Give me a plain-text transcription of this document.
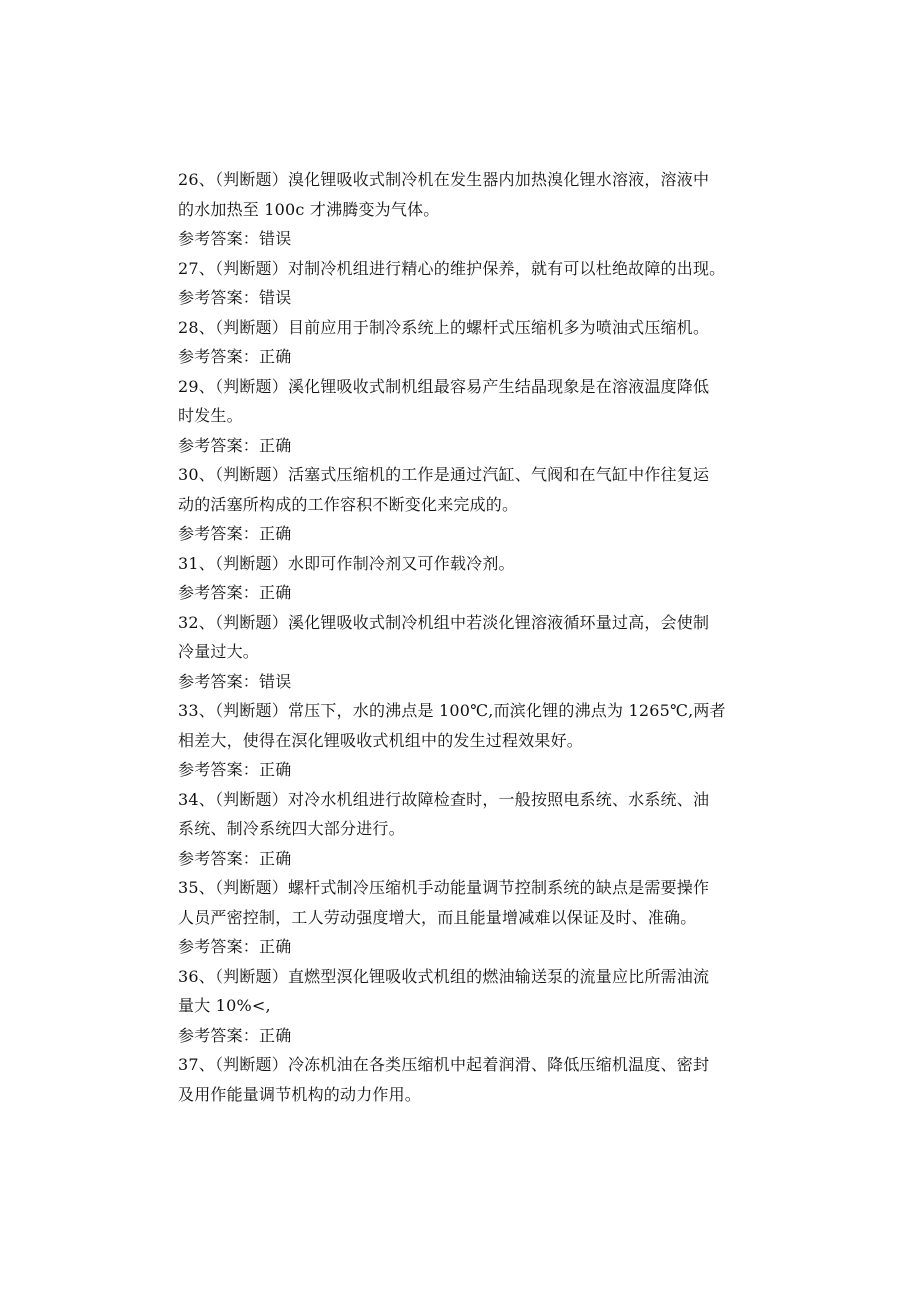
26、（判断题）溴化锂吸收式制冷机在发生器内加热溴化锂水溶液，溶液中
的水加热至 100c 才沸腾变为气体。
参考答案：错误
27、（判断题）对制冷机组进行精心的维护保养，就有可以杜绝故障的出现。
参考答案：错误
28、（判断题）目前应用于制冷系统上的螺杆式压缩机多为喷油式压缩机。
参考答案：正确
29、（判断题）溪化锂吸收式制机组最容易产生结晶现象是在溶液温度降低
时发生。
参考答案：正确
30、（判断题）活塞式压缩机的工作是通过汽缸、气阀和在气缸中作往复运
动的活塞所构成的工作容积不断变化来完成的。
参考答案：正确
31、（判断题）水即可作制冷剂又可作载冷剂。
参考答案：正确
32、（判断题）溪化锂吸收式制冷机组中若淡化锂溶液循环量过高，会使制
冷量过大。
参考答案：错误
33、（判断题）常压下，水的沸点是 100℃,而滨化锂的沸点为 1265℃,两者
相差大，使得在溟化锂吸收式机组中的发生过程效果好。
参考答案：正确
34、（判断题）对冷水机组进行故障检查时，一般按照电系统、水系统、油
系统、制冷系统四大部分进行。
参考答案：正确
35、（判断题）螺杆式制冷压缩机手动能量调节控制系统的缺点是需要操作
人员严密控制，工人劳动强度增大，而且能量增减难以保证及时、准确。
参考答案：正确
36、（判断题）直燃型溟化锂吸收式机组的燃油输送泵的流量应比所需油流
量大 10%<,
参考答案：正确
37、（判断题）冷冻机油在各类压缩机中起着润滑、降低压缩机温度、密封
及用作能量调节机构的动力作用。
